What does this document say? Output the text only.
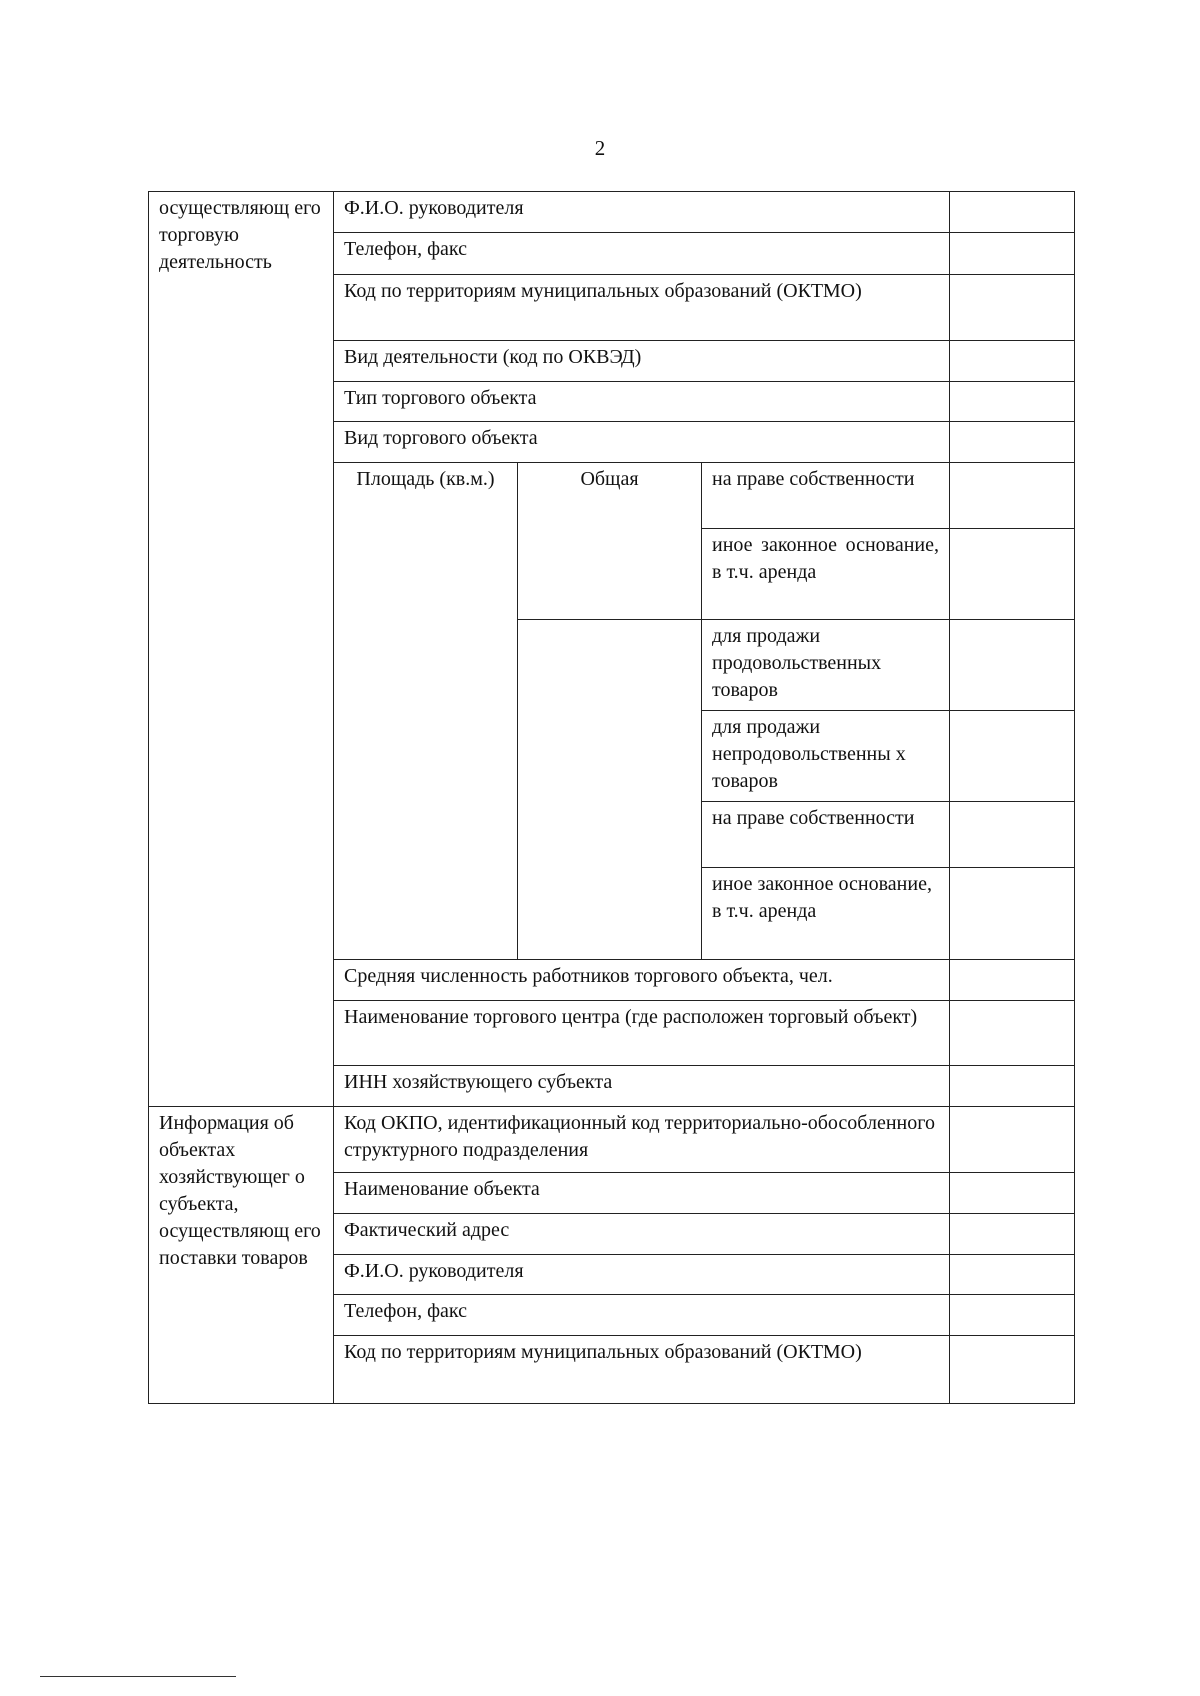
2
осуществляющ его торговую деятельность	Ф.И.О. руководителя			
	Телефон, факс			
	Код по территориям муниципальных образований (ОКТМО)			
	Вид деятельности (код по ОКВЭД)			
	Тип торгового объекта			
	Вид торгового объекта			
	Площадь (кв.м.)	Общая	на праве собственности	
			иное законное основание, в т.ч. аренда	
			для продажи продовольственных товаров	
			для продажи непродовольственны х товаров	
			на праве собственности	
			иное законное основание, в т.ч. аренда	
	Средняя численность работников торгового объекта, чел.			
	Наименование торгового центра (где расположен торговый объект)			
	ИНН хозяйствующего субъекта			
Информация об объектах хозяйствующег о субъекта, осуществляющ его поставки товаров	Код ОКПО, идентификационный код территориально-обособленного структурного подразделения			
	Наименование объекта			
	Фактический адрес			
	Ф.И.О. руководителя			
	Телефон, факс			
	Код по территориям муниципальных образований (ОКТМО)			
